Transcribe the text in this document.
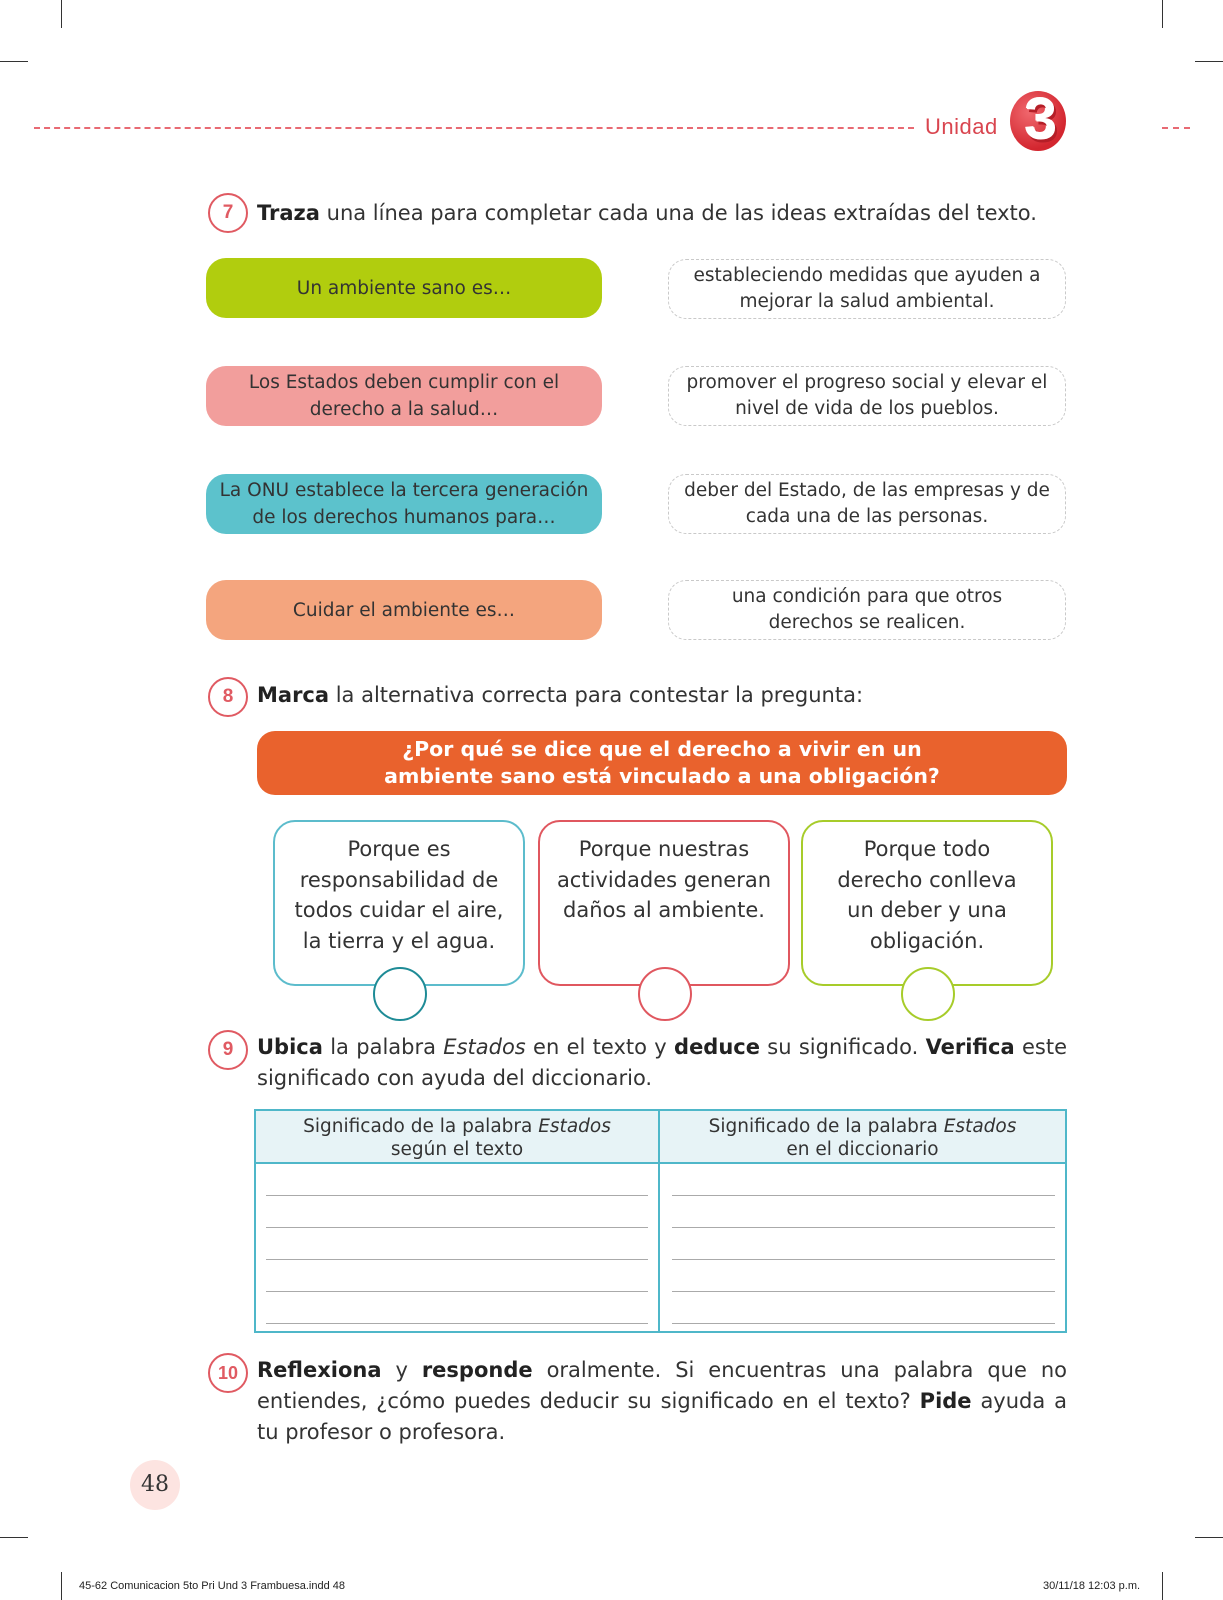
Unidad 3
7	Traza una línea para completar cada una de las ideas extraídas del texto.
Un ambiente sano es…
Los Estados deben cumplir con el derecho a la salud…
La ONU establece la tercera generación de los derechos humanos para…
Cuidar el ambiente es…
estableciendo medidas que ayuden a mejorar la salud ambiental.
promover el progreso social y elevar el nivel de vida de los pueblos.
deber del Estado, de las empresas y de cada una de las personas.
una condición para que otros derechos se realicen.
8	Marca la alternativa correcta para contestar la pregunta:
¿Por qué se dice que el derecho a vivir en un ambiente sano está vinculado a una obligación?
Porque es responsabilidad de todos cuidar el aire, la tierra y el agua.
Porque nuestras actividades generan daños al ambiente.
Porque todo derecho conlleva un deber y una obligación.
9	Ubica la palabra Estados en el texto y deduce su significado. Verifica este significado con ayuda del diccionario.
Significado de la palabra Estados
según el texto
Significado de la palabra Estados
en el diccionario
10 Reflexiona y responde oralmente. Si encuentras una palabra que no entiendes, ¿cómo puedes deducir su significado en el texto? Pide ayuda a tu profesor o profesora.
48
45-62 Comunicacion 5to Pri Und 3 Frambuesa.indd 48	30/11/18 12:03 p.m.
